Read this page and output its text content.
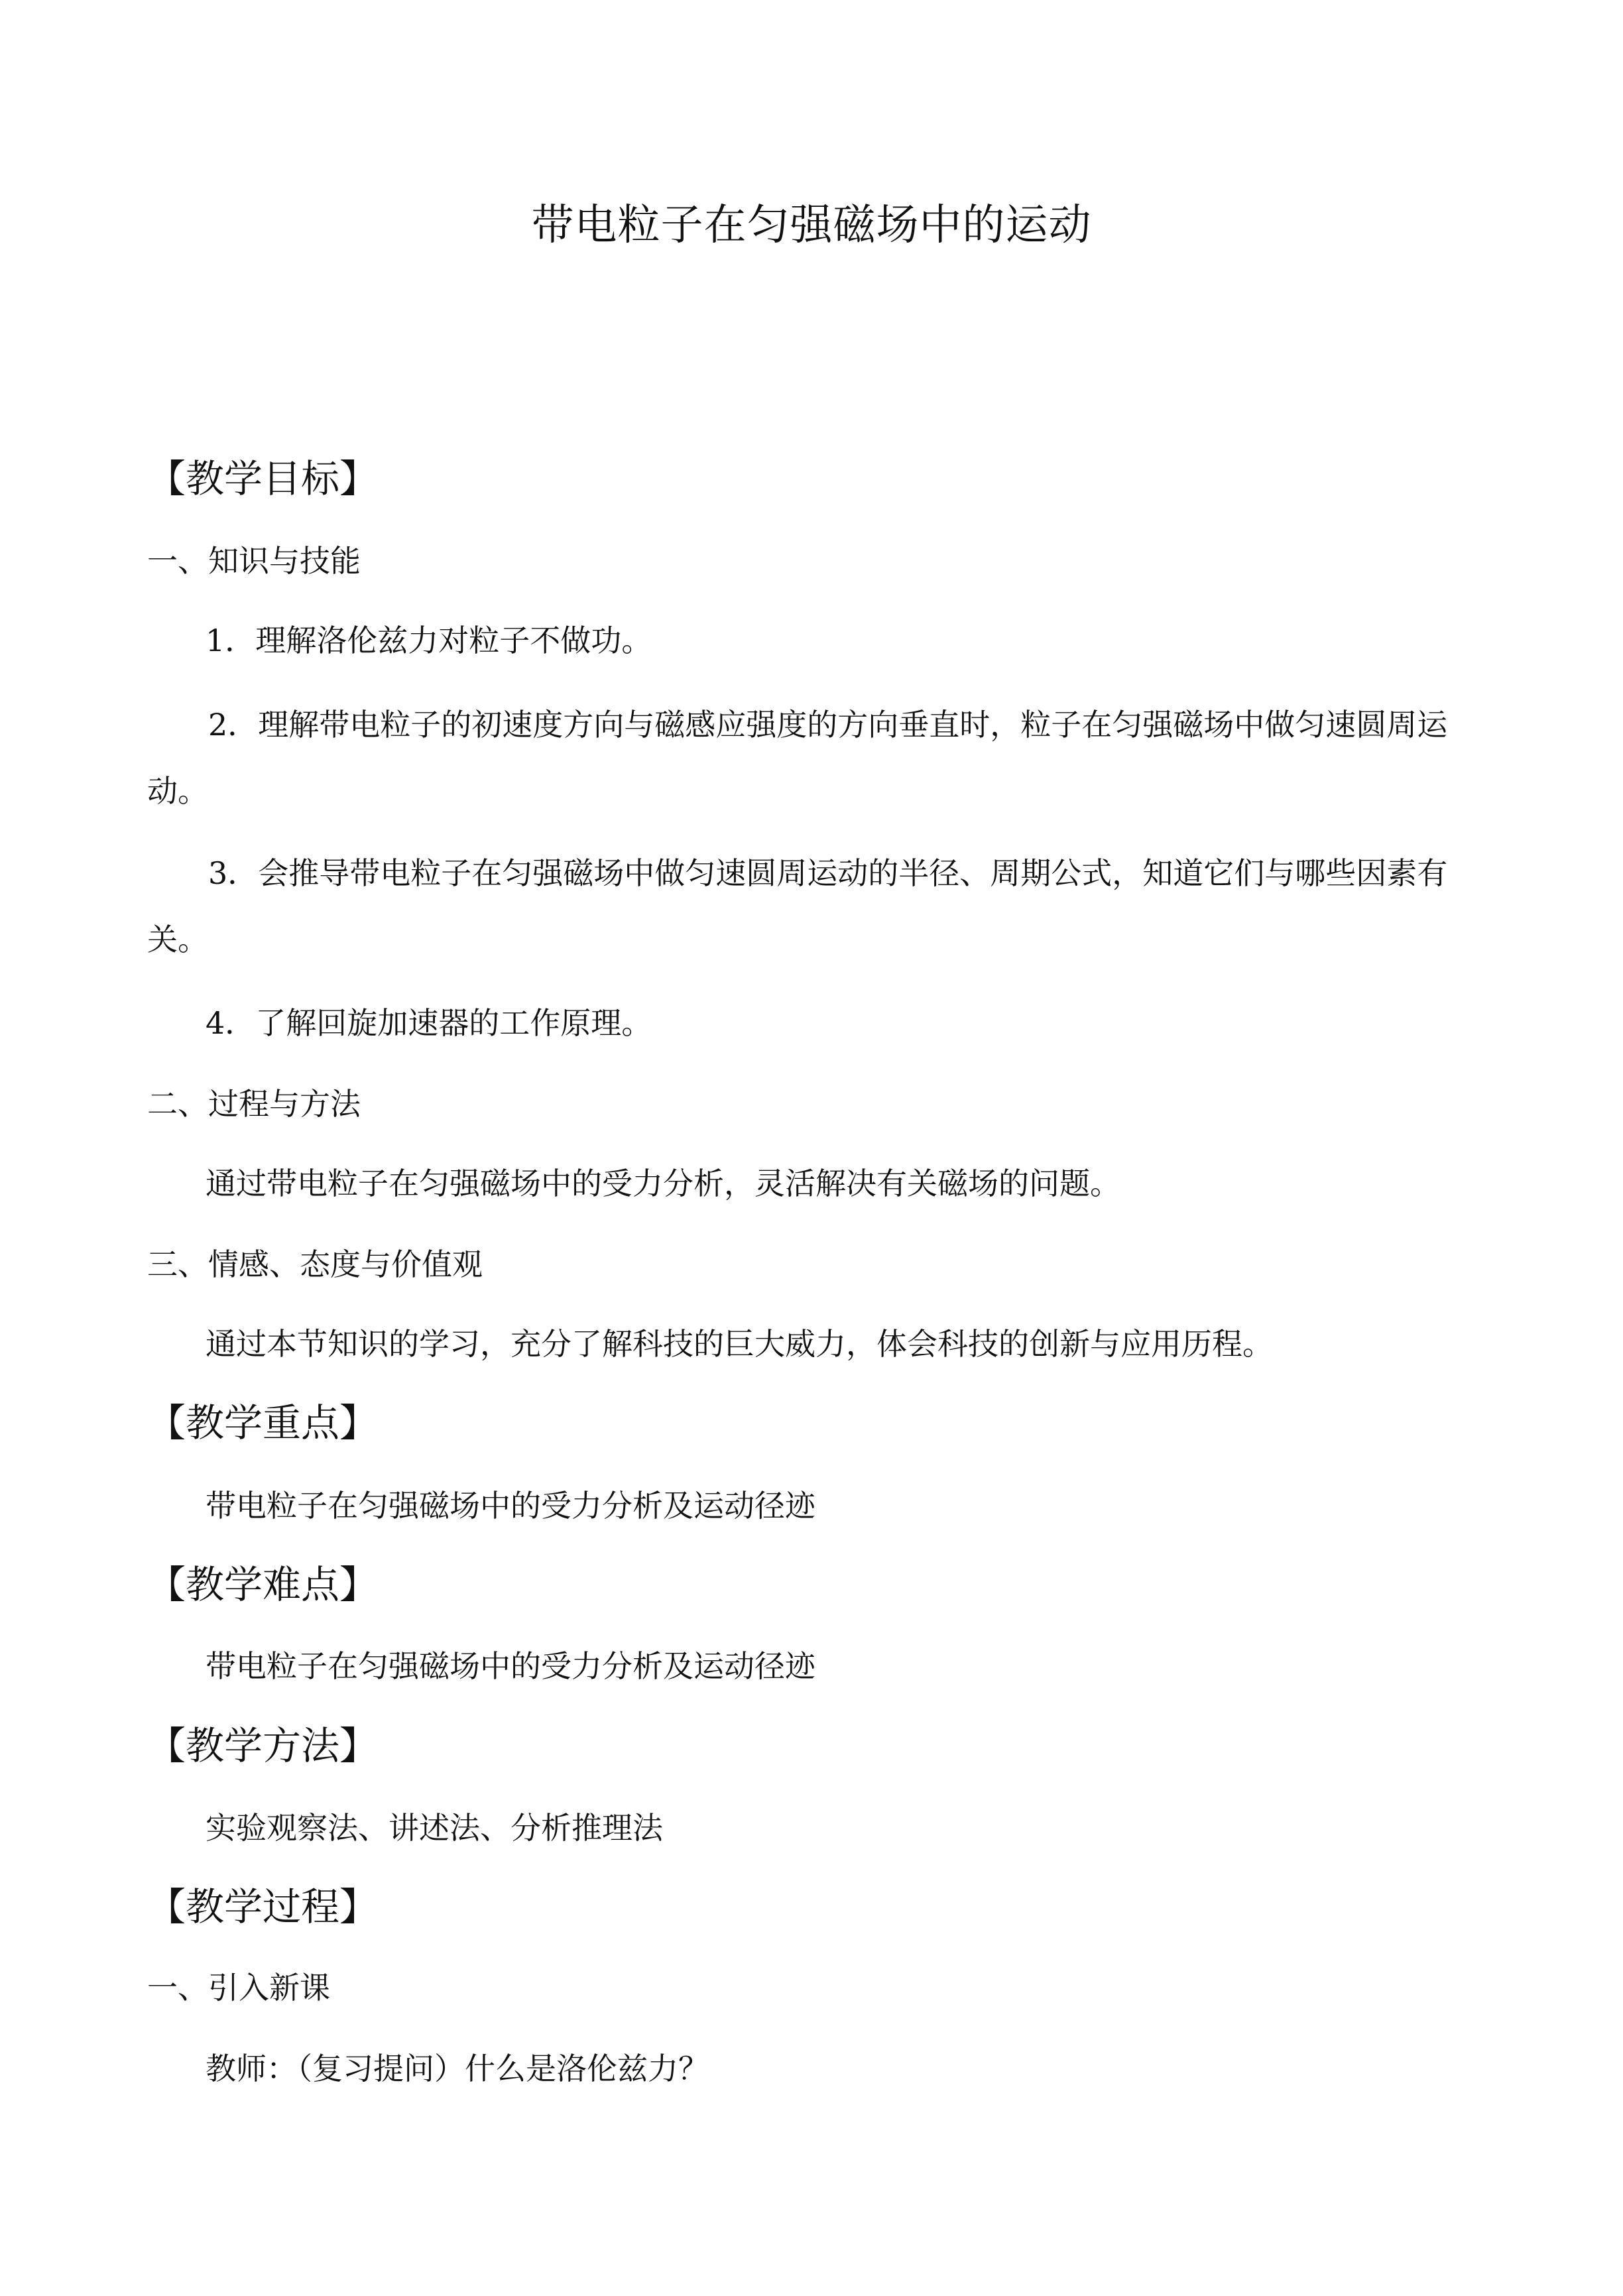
带电粒子在匀强磁场中的运动
【教学目标】
一、知识与技能
1．理解洛伦兹力对粒子不做功。
2．理解带电粒子的初速度方向与磁感应强度的方向垂直时，粒子在匀强磁场中做匀速圆周运动。
3．会推导带电粒子在匀强磁场中做匀速圆周运动的半径、周期公式，知道它们与哪些因素有关。
4．了解回旋加速器的工作原理。
二、过程与方法
通过带电粒子在匀强磁场中的受力分析，灵活解决有关磁场的问题。
三、情感、态度与价值观
通过本节知识的学习，充分了解科技的巨大威力，体会科技的创新与应用历程。
【教学重点】
带电粒子在匀强磁场中的受力分析及运动径迹
【教学难点】
带电粒子在匀强磁场中的受力分析及运动径迹
【教学方法】
实验观察法、讲述法、分析推理法
【教学过程】
一、引入新课
教师：（复习提问）什么是洛伦兹力？
